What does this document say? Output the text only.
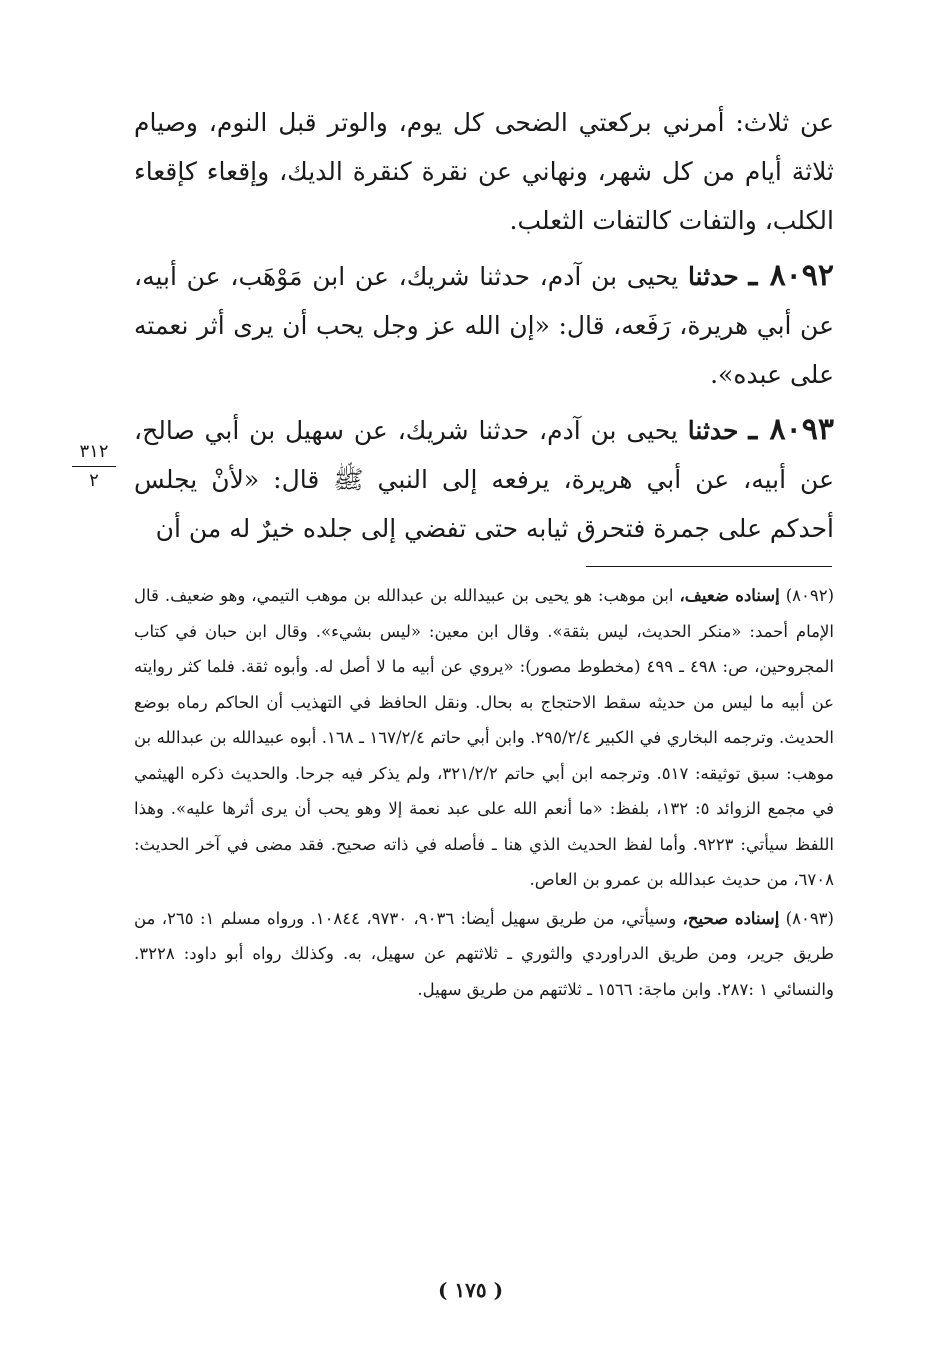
عن ثلاث: أمرني بركعتي الضحى كل يوم، والوتر قبل النوم، وصيام ثلاثة أيام من كل شهر، ونهاني عن نقرة كنقرة الديك، وإقعاء كإقعاء الكلب، والتفات كالتفات الثعلب.

٨٠٩٢ ـ حدثنا يحيى بن آدم، حدثنا شريك، عن ابن مَوْهَب، عن أبيه، عن أبي هريرة، رَفَعه، قال: «إن الله عز وجل يحب أن يرى أثر نعمته على عبده».

٨٠٩٣ ـ حدثنا يحيى بن آدم، حدثنا شريك، عن سهيل بن أبي صالح، عن أبيه، عن أبي هريرة، يرفعه إلى النبي ﷺ قال: «لأنْ يجلس أحدكم على جمرة فتحرق ثيابه حتى تفضي إلى جلده خيرٌ له من أن

٣١٢
٢

(٨٠٩٢) إسناده ضعيف، ابن موهب: هو يحيى بن عبيدالله بن عبدالله بن موهب التيمي، وهو ضعيف. قال الإمام أحمد: «منكر الحديث، ليس بثقة». وقال ابن معين: «ليس بشيء». وقال ابن حبان في كتاب المجروحين، ص: ٤٩٨ ـ ٤٩٩ (مخطوط مصور): «يروي عن أبيه ما لا أصل له. وأبوه ثقة. فلما كثر روايته عن أبيه ما ليس من حديثه سقط الاحتجاج به بحال. ونقل الحافظ في التهذيب أن الحاكم رماه بوضع الحديث. وترجمه البخاري في الكبير ٢٩٥/٢/٤. وابن أبي حاتم ١٦٧/٢/٤ ـ ١٦٨. أبوه عبيدالله بن عبدالله بن موهب: سبق توثيقه: ٥١٧. وترجمه ابن أبي حاتم ٣٢١/٢/٢، ولم يذكر فيه جرحا. والحديث ذكره الهيثمي في مجمع الزوائد ٥: ١٣٢، بلفظ: «ما أنعم الله على عبد نعمة إلا وهو يحب أن يرى أثرها عليه». وهذا اللفظ سيأتي: ٩٢٢٣. وأما لفظ الحديث الذي هنا ـ فأصله في ذاته صحيح. فقد مضى في آخر الحديث: ٦٧٠٨، من حديث عبدالله بن عمرو بن العاص.

(٨٠٩٣) إسناده صحيح، وسيأتي، من طريق سهيل أيضا: ٩٠٣٦، ٩٧٣٠، ١٠٨٤٤. ورواه مسلم ١: ٢٦٥، من طريق جرير، ومن طريق الدراوردي والثوري ـ ثلاثتهم عن سهيل، به. وكذلك رواه أبو داود: ٣٢٢٨. والنسائي ١ :٢٨٧. وابن ماجة: ١٥٦٦ ـ ثلاثتهم من طريق سهيل.

( ١٧٥ )
